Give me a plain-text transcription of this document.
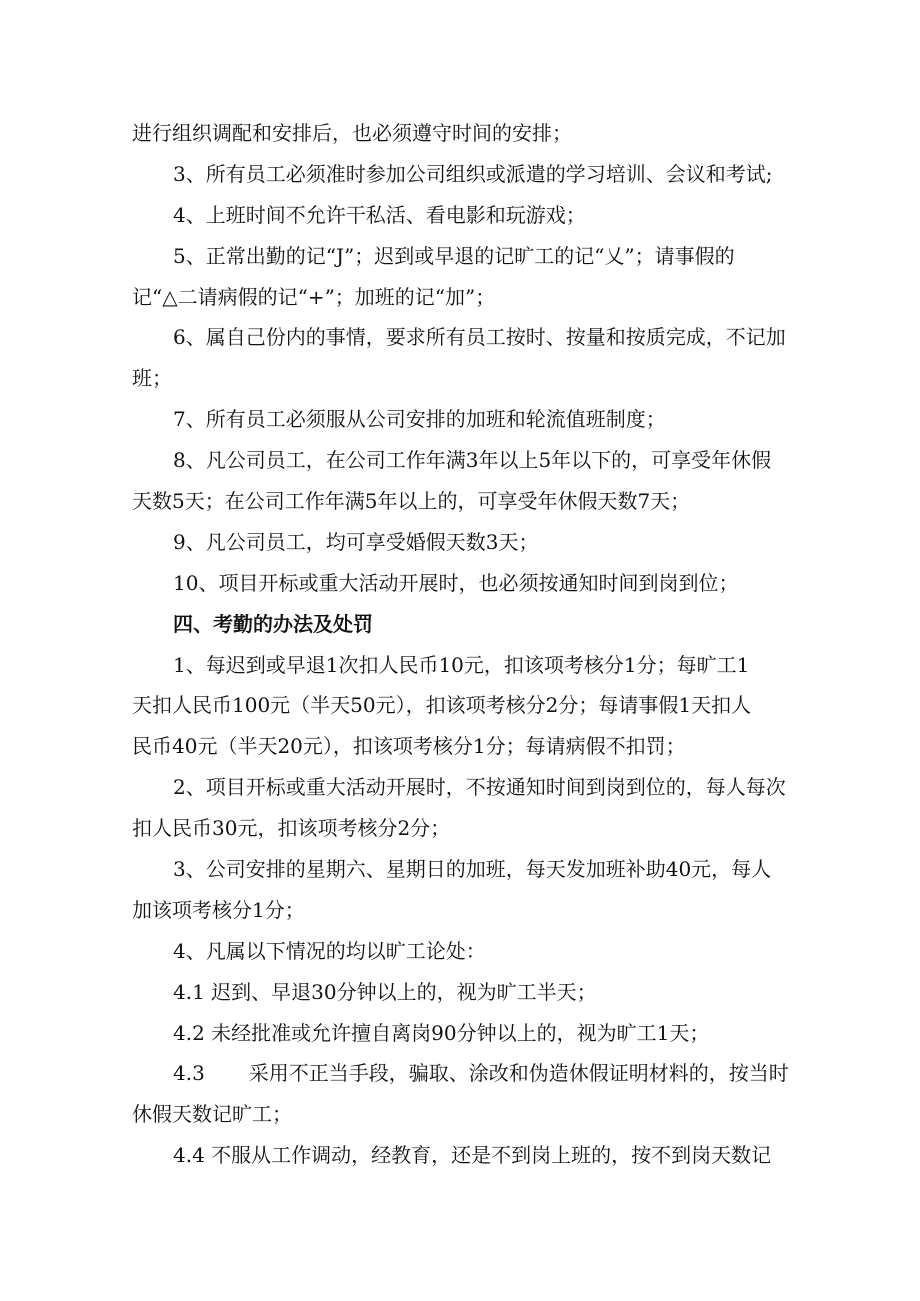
进行组织调配和安排后，也必须遵守时间的安排；
3、所有员工必须准时参加公司组织或派遣的学习培训、会议和考试;
4、上班时间不允许干私活、看电影和玩游戏；
5、正常出勤的记“J”；迟到或早退的记旷工的记“乂”；请事假的
记“△二请病假的记“+”；加班的记“加”；
6、属自己份内的事情，要求所有员工按时、按量和按质完成，不记加
班；
7、所有员工必须服从公司安排的加班和轮流值班制度；
8、凡公司员工，在公司工作年满3年以上5年以下的，可享受年休假
天数5天；在公司工作年满5年以上的，可享受年休假天数7天；
9、凡公司员工，均可享受婚假天数3天；
10、项目开标或重大活动开展时，也必须按通知时间到岗到位；
四、考勤的办法及处罚
1、每迟到或早退1次扣人民币10元，扣该项考核分1分；每旷工1
天扣人民币100元（半天50元），扣该项考核分2分；每请事假1天扣人
民币40元（半天20元），扣该项考核分1分；每请病假不扣罚；
2、项目开标或重大活动开展时，不按通知时间到岗到位的，每人每次
扣人民币30元，扣该项考核分2分；
3、公司安排的星期六、星期日的加班，每天发加班补助40元，每人
加该项考核分1分；
4、凡属以下情况的均以旷工论处：
4.1 迟到、早退30分钟以上的，视为旷工半天；
4.2 未经批准或允许擅自离岗90分钟以上的，视为旷工1天；
4.3 采用不正当手段，骗取、涂改和伪造休假证明材料的，按当时
休假天数记旷工；
4.4 不服从工作调动，经教育，还是不到岗上班的，按不到岗天数记
